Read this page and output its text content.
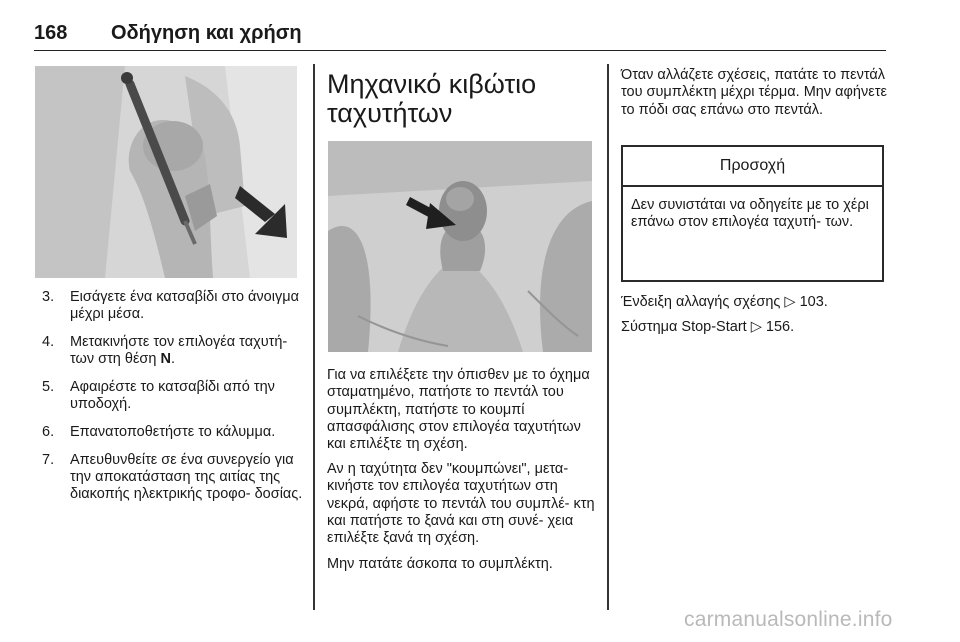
168 Οδήγηση και χρήση
3. Εισάγετε ένα κατσαβίδι στο άνοιγμα μέχρι μέσα.
4. Μετακινήστε τον επιλογέα ταχυτή- των στη θέση N.
5. Αφαιρέστε το κατσαβίδι από την υποδοχή.
6. Επανατοποθετήστε το κάλυμμα.
7. Απευθυνθείτε σε ένα συνεργείο για την αποκατάσταση της αιτίας της διακοπής ηλεκτρικής τροφο- δοσίας.
Μηχανικό κιβώτιο ταχυτήτων

Για να επιλέξετε την όπισθεν με το όχημα σταματημένο, πατήστε το πεντάλ του συμπλέκτη, πατήστε το κουμπί απασφάλισης στον επιλογέα ταχυτήτων και επιλέξτε τη σχέση.

Αν η ταχύτητα δεν "κουμπώνει", μετα- κινήστε τον επιλογέα ταχυτήτων στη νεκρά, αφήστε το πεντάλ του συμπλέ- κτη και πατήστε το ξανά και στη συνέ- χεια επιλέξτε ξανά τη σχέση.

Μην πατάτε άσκοπα το συμπλέκτη.

Όταν αλλάζετε σχέσεις, πατάτε το πεντάλ του συμπλέκτη μέχρι τέρμα. Μην αφήνετε το πόδι σας επάνω στο πεντάλ.

Προσοχή
Δεν συνιστάται να οδηγείτε με το χέρι επάνω στον επιλογέα ταχυτή- των.

Ένδειξη αλλαγής σχέσης ▷ 103.

Σύστημα Stop-Start ▷ 156.

carmanualsonline.info
